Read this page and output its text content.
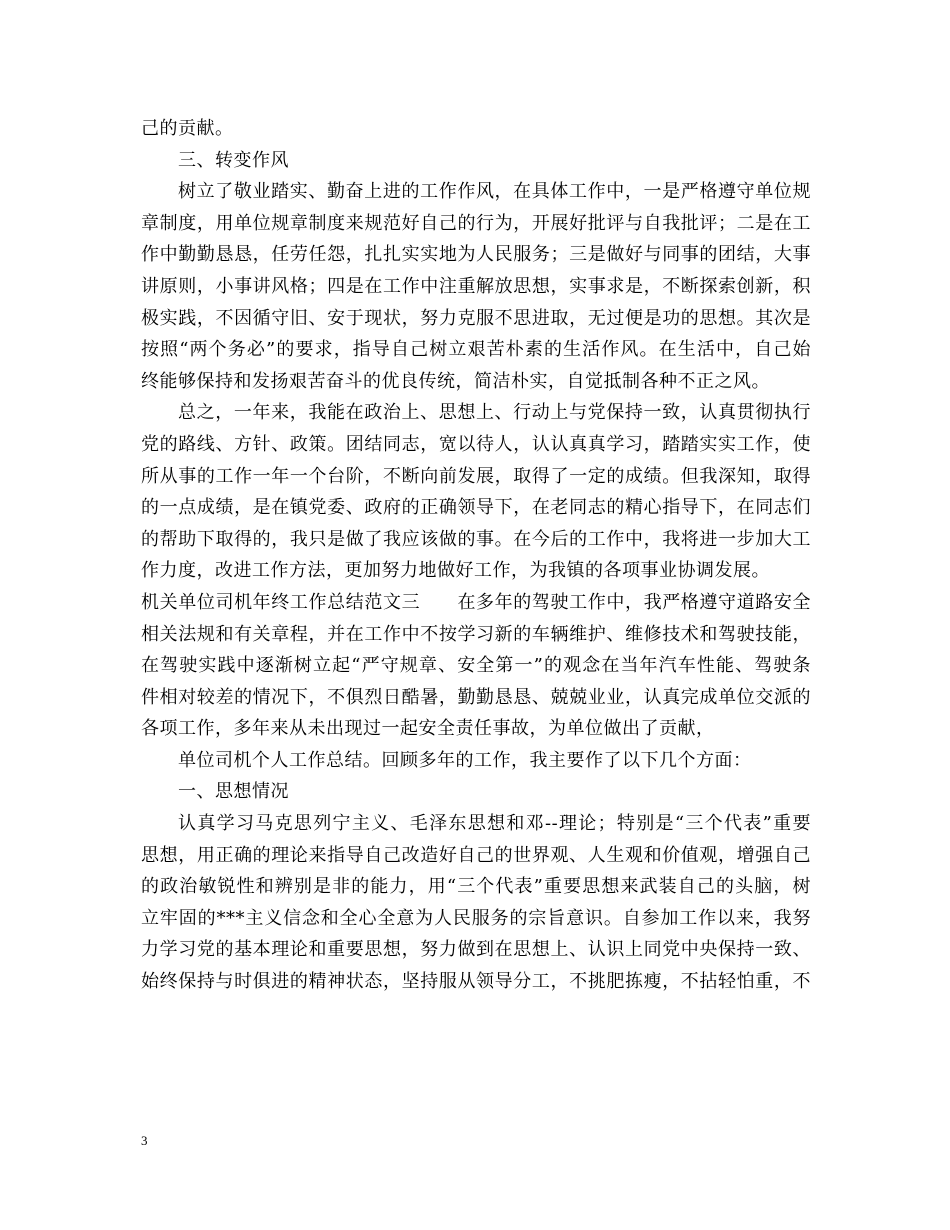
己的贡献。
三、转变作风
树立了敬业踏实、勤奋上进的工作作风，在具体工作中，一是严格遵守单位规
章制度，用单位规章制度来规范好自己的行为，开展好批评与自我批评；二是在工
作中勤勤恳恳，任劳任怨，扎扎实实地为人民服务；三是做好与同事的团结，大事
讲原则，小事讲风格；四是在工作中注重解放思想，实事求是，不断探索创新，积
极实践，不因循守旧、安于现状，努力克服不思进取，无过便是功的思想。其次是
按照“两个务必”的要求，指导自己树立艰苦朴素的生活作风。在生活中，自己始
终能够保持和发扬艰苦奋斗的优良传统，简洁朴实，自觉抵制各种不正之风。
总之，一年来，我能在政治上、思想上、行动上与党保持一致，认真贯彻执行
党的路线、方针、政策。团结同志，宽以待人，认认真真学习，踏踏实实工作，使
所从事的工作一年一个台阶，不断向前发展，取得了一定的成绩。但我深知，取得
的一点成绩，是在镇党委、政府的正确领导下，在老同志的精心指导下，在同志们
的帮助下取得的，我只是做了我应该做的事。在今后的工作中，我将进一步加大工
作力度，改进工作方法，更加努力地做好工作，为我镇的各项事业协调发展。
机关单位司机年终工作总结范文三　　在多年的驾驶工作中，我严格遵守道路安全
相关法规和有关章程，并在工作中不按学习新的车辆维护、维修技术和驾驶技能，
在驾驶实践中逐渐树立起“严守规章、安全第一”的观念在当年汽车性能、驾驶条
件相对较差的情况下，不俱烈日酷暑，勤勤恳恳、兢兢业业，认真完成单位交派的
各项工作，多年来从未出现过一起安全责任事故，为单位做出了贡献，
单位司机个人工作总结。回顾多年的工作，我主要作了以下几个方面：
一、思想情况
认真学习马克思列宁主义、毛泽东思想和邓--理论；特别是“三个代表”重要
思想，用正确的理论来指导自己改造好自己的世界观、人生观和价值观，增强自己
的政治敏锐性和辨别是非的能力，用“三个代表”重要思想来武装自己的头脑，树
立牢固的***主义信念和全心全意为人民服务的宗旨意识。自参加工作以来，我努
力学习党的基本理论和重要思想，努力做到在思想上、认识上同党中央保持一致、
始终保持与时俱进的精神状态，坚持服从领导分工，不挑肥拣瘦，不拈轻怕重，不
3
